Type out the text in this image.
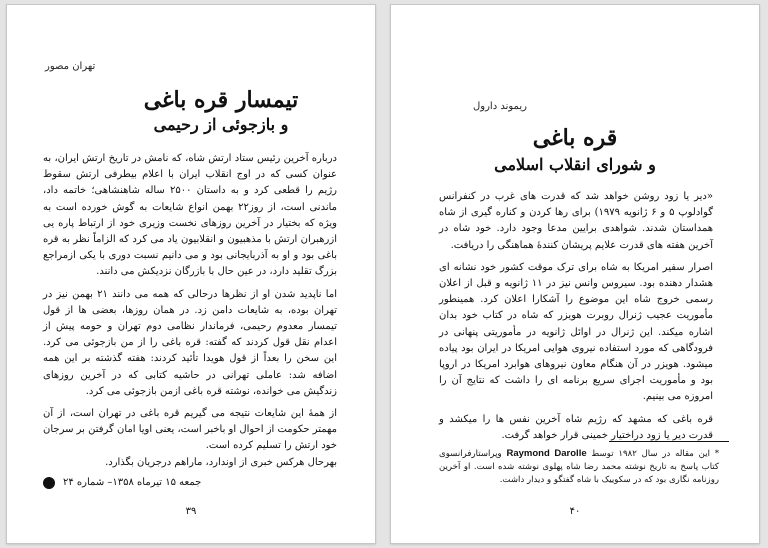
تهران مصور
تیمسار قره باغی
و بازجوئی از رحیمی

درباره آخرین رئیس ستاد ارتش شاه، که نامش در تاریخ ارتش ایران، به عنوان کسی که در اوج انقلاب ایران با اعلام بیطرفی ارتش سقوط رژیم را قطعی کرد و به داستان ۲۵۰۰ ساله شاهنشاهی؛ خاتمه داد، ماندنی است، از روز۲۲ بهمن انواع شایعات به گوش خورده است به ویژه که بختیار در آخرین روزهای نخست وزیری خود از ارتباط پاره یی ازرهبران ارتش با مذهبیون و انقلابیون یاد می کرد که الزاماً نظر به قره باغی بود و او به آذربایجانی بود و می دانیم نسبت دوری با یکی ازمراجع بزرگ تقلید دارد، در عین حال با بازرگان نزدیکش می دانند.

اما ناپدید شدن او از نظرها درحالی که همه می دانند ۲۱ بهمن نیز در تهران بوده، به شایعات دامن زد. در همان روزها، بعضی ها از قول تیمسار معدوم رحیمی، فرماندار نظامی دوم تهران و حومه پیش از اعدام نقل قول کردند که گفته: قره باغی را از من بازجوئی می کرد. این سخن را بعداً از قول هویدا تأئید کردند: هفته گذشته بر این همه اضافه شد: عاملی تهرانی در حاشیه کتابی که در آخرین روزهای زندگیش می خوانده، نوشته قره باغی ازمن بازجوئی می کرد.

از همهٔ این شایعات نتیجه می گیریم قره باغی در تهران است، از آن مهمتر حکومت از احوال او باخبر است، یعنی اویا امان گرفتن بر سرجان خود ارتش را تسلیم کرده است.

بهرحال هرکس خبری از اوندارد، ماراهم درجریان بگذارد.

جمعه ۱۵ تیرماه ۱۳۵۸– شماره ۲۴
۳۹
ریموند دارول
قره باغی
و شورای انقلاب اسلامی

«دیر یا زود روشن خواهد شد که قدرت های غرب در کنفرانس گوادلوپ ۵ و ۶ ژانویه ۱۹۷۹) برای رها کردن و کناره گیری از شاه همداستان شدند. شواهدی برایین مدعا وجود دارد. خود شاه در آخرین هفته های قدرت علایم پریشان کنندهٔ هماهنگی را دریافت.

اصرار سفیر امریکا به شاه برای ترک موقت کشور خود نشانه ای هشدار دهنده بود. سیروس وانس نیز در ۱۱ ژانویه و قبل از اعلان رسمی خروج شاه این موضوع را آشکارا اعلان کرد. همینطور مأموریت عجیب ژنرال روبرت هویزر که شاه در کتاب خود بدان اشاره میکند. این ژنرال در اوائل ژانویه در مأموریتی پنهانی در فرودگاهی که مورد استفاده نیروی هوایی امریکا در ایران بود پیاده میشود. هویزر در آن هنگام معاون نیروهای هوابرد امریکا در اروپا بود و مأموریت اجرای سریع برنامه ای را داشت که نتایج آن را امروزه می بینیم.

قره باغی که مشهد که رژیم شاه آخرین نفس ها را میکشد و قدرت دیر یا زود دراختیار خمینی قرار خواهد گرفت.

* این مقاله در سال ۱۹۸۲ توسط Raymond Darolle وپراستارفرانسوی کتاب پاسخ به تاریخ نوشته محمد رضا شاه پهلوی نوشته شده است. او آخرین روزنامه نگاری بود که در سکوییک با شاه گفتگو و دیدار داشت.
۴۰
